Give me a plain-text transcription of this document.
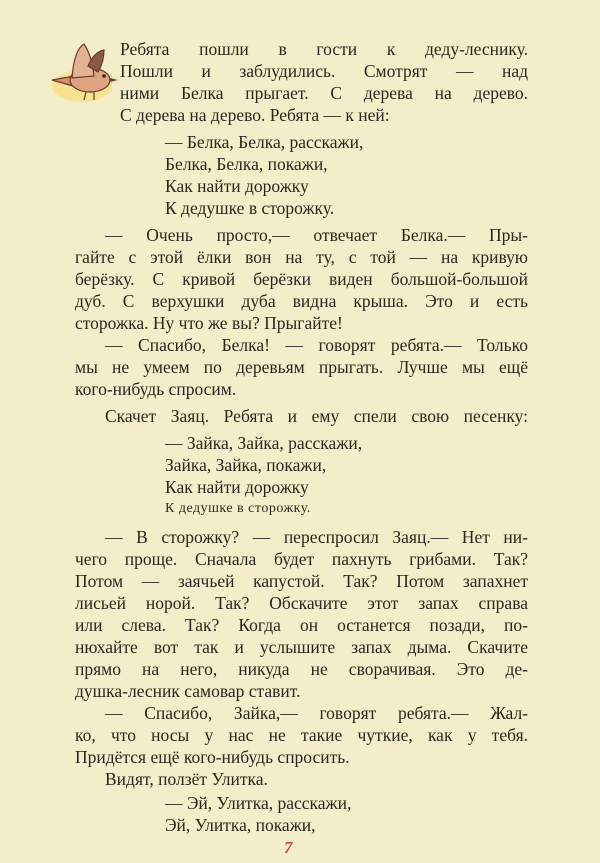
Ребята пошли в гости к деду-леснику.
Пошли и заблудились. Смотрят — над
ними Белка прыгает. С дерева на дерево.
С дерева на дерево. Ребята — к ней:
— Белка, Белка, расскажи,
Белка, Белка, покажи,
Как найти дорожку
К дедушке в сторожку.
— Очень просто,— отвечает Белка.— Пры-
гайте с этой ёлки вон на ту, с той — на кривую
берёзку. С кривой берёзки виден большой-большой
дуб. С верхушки дуба видна крыша. Это и есть
сторожка. Ну что же вы? Прыгайте!
— Спасибо, Белка! — говорят ребята.— Только
мы не умеем по деревьям прыгать. Лучше мы ещё
кого-нибудь спросим.
Скачет Заяц. Ребята и ему спели свою песенку:
— Зайка, Зайка, расскажи,
Зайка, Зайка, покажи,
Как найти дорожку
К дедушке в сторожку.
— В сторожку? — переспросил Заяц.— Нет ни-
чего проще. Сначала будет пахнуть грибами. Так?
Потом — заячьей капустой. Так? Потом запахнет
лисьей норой. Так? Обскачите этот запах справа
или слева. Так? Когда он останется позади, по-
нюхайте вот так и услышите запах дыма. Скачите
прямо на него, никуда не сворачивая. Это де-
душка-лесник самовар ставит.
— Спасибо, Зайка,— говорят ребята.— Жал-
ко, что носы у нас не такие чуткие, как у тебя.
Придётся ещё кого-нибудь спросить.
Видят, ползёт Улитка.
— Эй, Улитка, расскажи,
Эй, Улитка, покажи,
7
